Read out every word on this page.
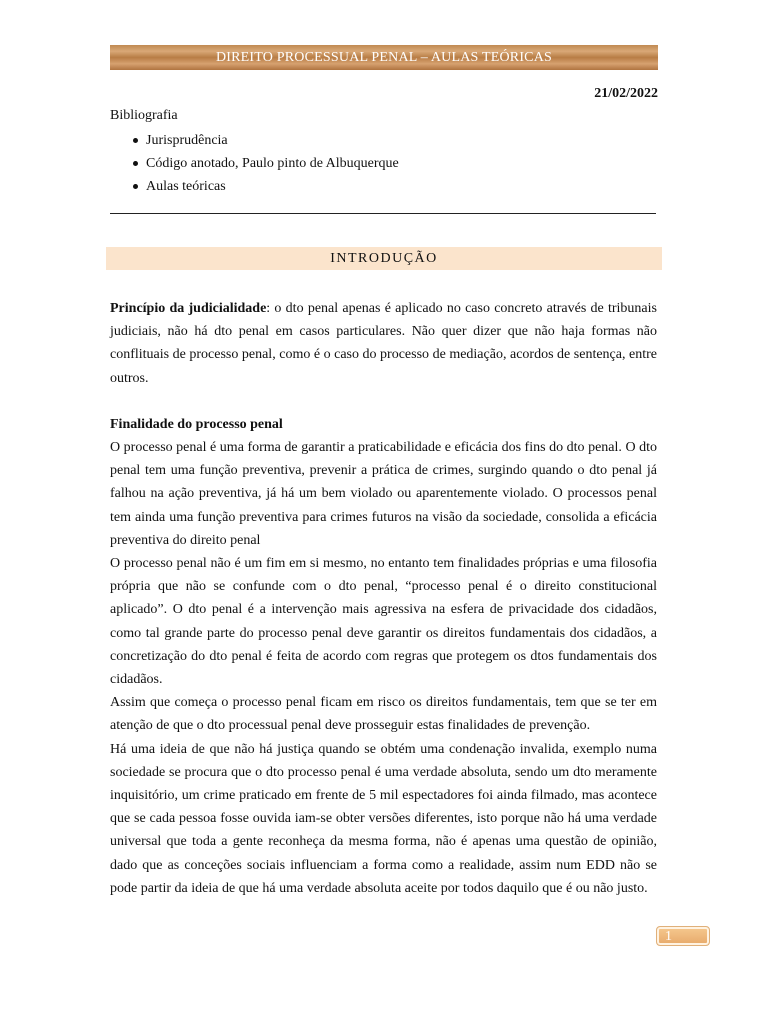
DIREITO PROCESSUAL PENAL – AULAS TEÓRICAS
21/02/2022
Bibliografia
Jurisprudência
Código anotado, Paulo pinto de Albuquerque
Aulas teóricas
INTRODUÇÃO

Princípio da judicialidade: o dto penal apenas é aplicado no caso concreto através de tribunais judiciais, não há dto penal em casos particulares. Não quer dizer que não haja formas não conflituais de processo penal, como é o caso do processo de mediação, acordos de sentença, entre outros.

Finalidade do processo penal

O processo penal é uma forma de garantir a praticabilidade e eficácia dos fins do dto penal. O dto penal tem uma função preventiva, prevenir a prática de crimes, surgindo quando o dto penal já falhou na ação preventiva, já há um bem violado ou aparentemente violado. O processos penal tem ainda uma função preventiva para crimes futuros na visão da sociedade, consolida a eficácia preventiva do direito penal

O processo penal não é um fim em si mesmo, no entanto tem finalidades próprias e uma filosofia própria que não se confunde com o dto penal, “processo penal é o direito constitucional aplicado”. O dto penal é a intervenção mais agressiva na esfera de privacidade dos cidadãos, como tal grande parte do processo penal deve garantir os direitos fundamentais dos cidadãos, a concretização do dto penal é feita de acordo com regras que protegem os dtos fundamentais dos cidadãos.

Assim que começa o processo penal ficam em risco os direitos fundamentais, tem que se ter em atenção de que o dto processual penal deve prosseguir estas finalidades de prevenção.

Há uma ideia de que não há justiça quando se obtém uma condenação invalida, exemplo numa sociedade se procura que o dto processo penal é uma verdade absoluta, sendo um dto meramente inquisitório, um crime praticado em frente de 5 mil espectadores foi ainda filmado, mas acontece que se cada pessoa fosse ouvida iam-se obter versões diferentes, isto porque não há uma verdade universal que toda a gente reconheça da mesma forma, não é apenas uma questão de opinião, dado que as conceções sociais influenciam a forma como a realidade, assim num EDD não se pode partir da ideia de que há uma verdade absoluta aceite por todos daquilo que é ou não justo.

1
